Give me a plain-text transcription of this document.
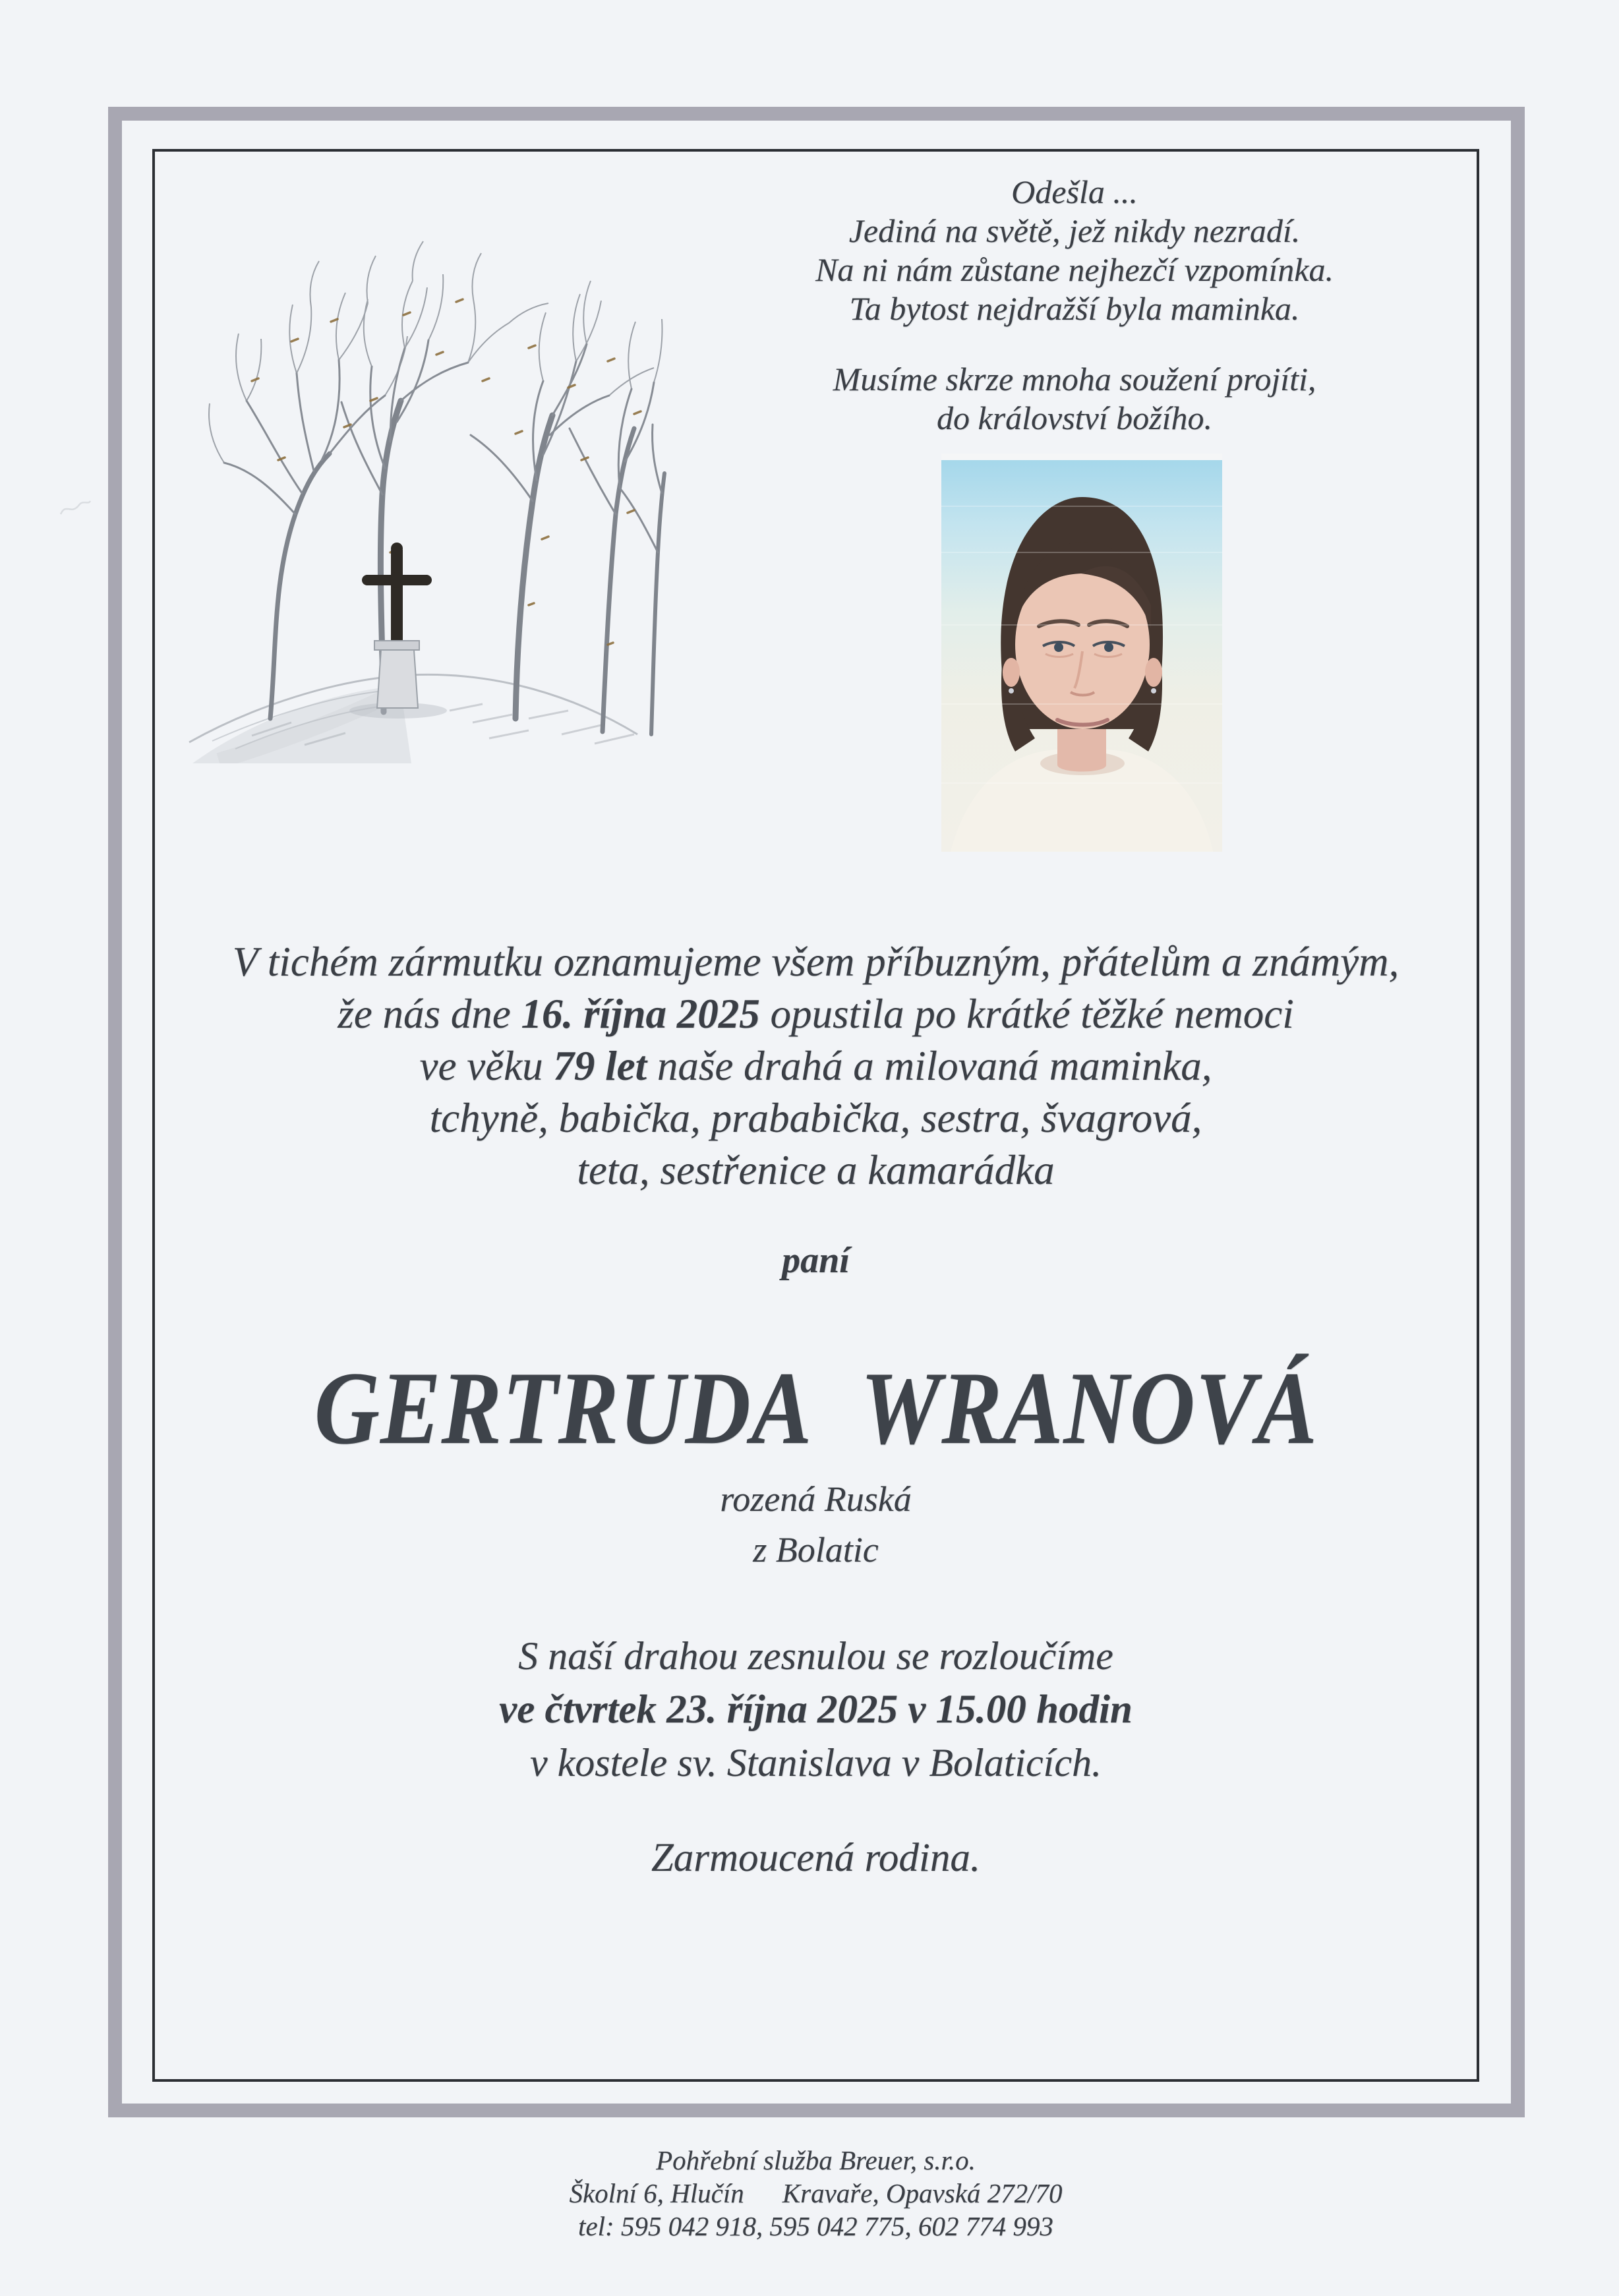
Odešla ...
Jediná na světě, jež nikdy nezradí.
Na ni nám zůstane nejhezčí vzpomínka.
Ta bytost nejdražší byla maminka.
Musíme skrze mnoha soužení projíti,
do království božího.
V tichém zármutku oznamujeme všem příbuzným, přátelům a známým,
že nás dne 16. října 2025 opustila po krátké těžké nemoci
ve věku 79 let naše drahá a milovaná maminka,
tchyně, babička, prababička, sestra, švagrová,
teta, sestřenice a kamarádka
paní
GERTRUDA WRANOVÁ
rozená Ruská
z Bolatic
S naší drahou zesnulou se rozloučíme
ve čtvrtek 23. října 2025 v 15.00 hodin
v kostele sv. Stanislava v Bolaticích.
Zarmoucená rodina.
Pohřební služba Breuer, s.r.o.
Školní 6, Hlučín Kravaře, Opavská 272/70
tel: 595 042 918, 595 042 775, 602 774 993
